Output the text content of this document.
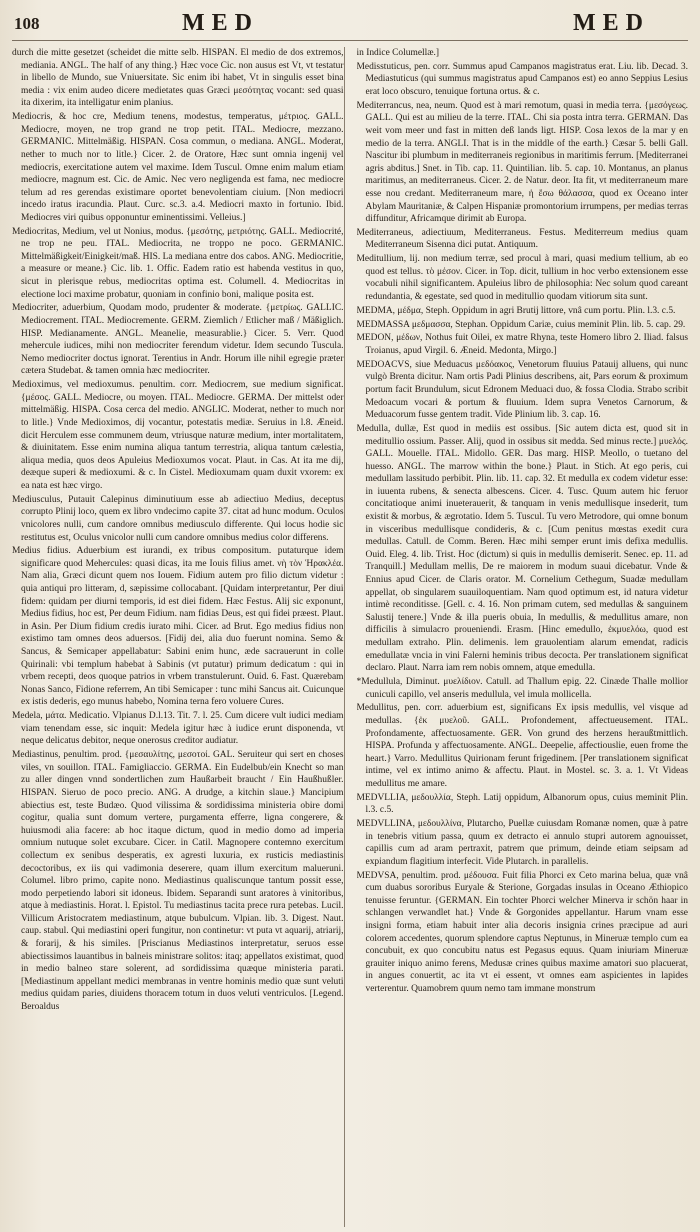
108	MED	MED

durch die mitte gesetzet (scheidet die mitte selb. HISPAN. El medio de dos extremos, mediania. ANGL. The half of any thing.} Hæc voce Cic. non ausus est Vt, vt testatur in libello de Mundo, sue Vniuersitate. Sic enim ibi habet, Vt in singulis esset bina media : vix enim audeo dicere medietates quas Græci μεσότητας vocant: sed quasi ita dixerim, ita intelligatur enim planius.

Mediocris, & hoc cre, Medium tenens, modestus, temperatus, μέτριος. GALL. Mediocre, moyen, ne trop grand ne trop petit. ITAL. Mediocre, mezzano. GERMANIC. Mittelmäßig. HISPAN. Cosa commun, o mediana. ANGL. Moderat, nether to much nor to litle.} Cicer. 2. de Oratore, Hæc sunt omnia ingenij vel mediocris, exercitatione autem vel maxime. Idem Tuscul. Omne enim malum etiam mediocre, magnum est. Cic. de Amic. Nec vero negligenda est fama, nec mediocre telum ad res gerendas existimare oportet benevolentiam ciuium. [Non mediocri incedo iratus iracundia. Plaut. Curc. sc.3. a.4. Mediocri maxto in fortunio. Ibid. Mediocres viri quibus opponuntur eminentissimi. Velleius.]

Mediocritas, Medium, vel ut Nonius, modus. {μεσότης, μετριότης. GALL. Mediocrité, ne trop ne peu. ITAL. Mediocrita, ne troppo ne poco. GERMANIC. Mittelmäßigkeit/Einigkeit/maß. HIS. La mediana entre dos cabos. ANG. Mediocritie, a measure or meane.} Cic. lib. 1. Offic. Eadem ratio est habenda vestitus in quo, sicut in plerisque rebus, mediocritas optima est. Columell. 4. Mediocritas in electione loci maxime probatur, quoniam in confinio boni, malique posita est.

Mediocriter, aduerbium, Quodam modo, prudenter & moderate. {μετρίως. GALLIC. Mediocrement. ITAL. Mediocremente. GERM. Ziemlich / Etlicher maß / Mäßiglich. HISP. Medianamente. ANGL. Meanelie, measurablie.} Cicer. 5. Verr. Quod mehercule iudices, mihi non mediocriter ferendum videtur. Idem secundo Tuscula. Nemo mediocriter doctus ignorat. Terentius in Andr. Horum ille nihil egregie præter cætera Studebat. & tamen omnia hæc mediocriter.

Medioximus, vel medioxumus. penultim. corr. Mediocrem, sue medium significat. {μέσος. GALL. Mediocre, ou moyen. ITAL. Mediocre. GERMA. Der mittelst oder mittelmäßig. HISPA. Cosa cerca del medio. ANGLIC. Moderat, nether to much nor to litle.} Vnde Medioximos, dij vocantur, potestatis mediæ. Seruius in l.8. Æneid. dicit Herculem esse communem deum, vtriusque naturæ medium, inter mortalitatem, & diuinitatem. Esse enim numina aliqua tantum terrestria, aliqua tantum cælestia, aliqua media, quos deos Apuleius Medioxumos vocat. Plaut. in Cas. At ita me dij, deæque superi & medioxumi. & c. In Cistel. Medioxumam quam duxit vxorem: ex ea nata est hæc virgo.

Mediusculus, Putauit Calepinus diminutiuum esse ab adiectiuo Medius, deceptus corrupto Plinij loco, quem ex libro vndecimo capite 37. citat ad hunc modum. Oculos vnicolores nulli, cum candore omnibus mediusculo differente. Qui locus hodie sic restitutus est, Oculus vnicolor nulli cum candore omnibus medius color differens.

Medius fidius. Aduerbium est iurandi, ex tribus compositum. putaturque idem significare quod Mehercules: quasi dicas, ita me Iouis filius amet. νὴ τὸν Ἡρακλέα. Nam alia, Græci dicunt quem nos Iouem. Fidium autem pro filio dictum videtur : quia antiqui pro litteram, d, sæpissime collocabant. [Quidam interpretantur, Per diui fidem: quidam per diurni temporis, id est diei fidem. Hæc Festus. Alij sic exponunt, Medius fidius, hoc est, Per deum Fidium. nam fidias Deus, est qui fidei præest. Plaut. in Asin. Per Dium fidium credis iurato mihi. Cicer. ad Brut. Ego medius fidius non existimo tam omnes deos aduersos. [Fidij dei, alia duo fuerunt nomina. Semo & Sancus, & Semicaper appellabatur: Sabini enim hunc, æde sacrauerunt in colle Quirinali: vbi templum habebat à Sabinis (vt putatur) primum dedicatum : qui in vrbem recepti, deos quoque patrios in vrbem transtulerunt. Ouid. 6. Fast. Quærebam Nonas Sanco, Fidione referrem, An tibi Semicaper : tunc mihi Sancus ait. Cuicunque ex istis dederis, ego munus habebo, Nomina terna fero voluere Cures.

Medela, μάτα. Medicatio. Vlpianus D.l.13. Tit. 7. l. 25. Cum dicere vult iudici mediam viam tenendam esse, sic inquit: Medela igitur hæc à iudice erunt disponenda, vt neque delicatus debitor, neque onerosus creditor audiatur.

Mediastinus, penultim. prod. {μεσαυλίτης, μεσοτοί. GAL. Seruiteur qui sert en choses viles, vn souillon. ITAL. Famigliaccio. GERMA. Ein Eudelbub/ein Knecht so man zu aller dingen vnnd sondertlichen zum Haußarbeit braucht / Ein Haußhußler. HISPAN. Sieruo de poco precio. ANG. A drudge, a kitchin slaue.} Mancipium abiectius est, teste Budæo. Quod vilissima & sordidissima ministeria obire domi cogitur, qualia sunt domum vertere, purgamenta efferre, ligna congerere, & huiusmodi alia facere: ab hoc itaque dictum, quod in medio domo ad imperia omnium nutuque solet excubare. Cicer. in Catil. Magnopere contemno exercitum collectum ex senibus desperatis, ex agresti luxuria, ex rusticis mediastinis decoctoribus, ex iis qui vadimonia deserere, quam illum exercitum malueruni. Columel. libro primo, capite nono. Mediastinus qualiscunque tantum possit esse, modo perpetiendo labori sit idoneus. Ibidem. Separandi sunt aratores à vinitoribus, atque à mediastinis. Horat. l. Epistol. Tu mediastinus tacita prece rura petebas. Lucil. Villicum Aristocratem mediastinum, atque bubulcum. Vlpian. lib. 3. Digest. Naut. caup. stabul. Qui mediastini operi fungitur, non continetur: vt puta vt aquarij, atriarij, & forarij, & his similes. [Priscianus Mediastinos interpretatur, seruos esse abiectissimos lauantibus in balneis ministrare solitos: itaq; appellatos existimat, quod in medio balneo stare solerent, ad sordidissima quæque ministeria parati. [Mediastinum appellant medici membranas in ventre hominis medio quæ sunt veluti medius quidam paries, diuidens thoracem totum in duos veluti ventriculos. [Legend. Beroaldus

in Indice Columellæ.]

Medisstuticus, pen. corr. Summus apud Campanos magistratus erat. Liu. lib. Decad. 3. Mediastuticus (qui summus magistratus apud Campanos est) eo anno Seppius Lesius erat loco obscuro, tenuique fortuna ortus. & c.

Mediterrancus, nea, neum. Quod est à mari remotum, quasi in media terra. {μεσόγεως. GALL. Qui est au milieu de la terre. ITAL. Chi sia posta intra terra. GERMAN. Das weit vom meer und fast in mitten deß lands ligt. HISP. Cosa lexos de la mar y en medio de la terra. ANGLI. That is in the middle of the earth.} Cæsar 5. belli Gall. Nascitur ibi plumbum in mediterraneis regionibus in maritimis ferrum. [Mediterranei agris abditus.] Snet. in Tib. cap. 11. Quintilian. lib. 5. cap. 10. Montanus, an planus maritimus, an mediterraneus. Cicer. 2. de Natur. deor. Ita fit, vt mediterraneum mare esse nou credant. Mediterraneum mare, ἡ ἔσω θάλασσα, quod ex Oceano inter Abylam Mauritaniæ, & Calpen Hispaniæ promontorium irrumpens, per medias terras diffunditur, Africamque dirimit ab Europa.

Mediterraneus, adiectiuum, Mediterraneus. Festus. Mediterreum medius quam Mediterraneum Sisenna dici putat. Antiquum.

Meditullium, lij. non medium terræ, sed procul à mari, quasi medium tellium, ab eo quod est tellus. τὸ μέσον. Cicer. in Top. dicit, tullium in hoc verbo extensionem esse vocabuli nihil significantem. Apuleius libro de philosophia: Nec solum quod careant redundantia, & egestate, sed quod in meditullio quodam vitiorum sita sunt.

MEDMA, μέδμα, Steph. Oppidum in agri Brutij littore, vnâ cum portu. Plin. l.3. c.5.

MEDMASSA μεδμασσα, Stephan. Oppidum Cariæ, cuius meminit Plin. lib. 5. cap. 29.

MEDON, μέδων, Nothus fuit Oilei, ex matre Rhyna, teste Homero libro 2. Iliad. falsus Troianus, apud Virgil. 6. Æneid. Medonta, Mirgo.]

MEDOACVS, siue Meduacus μεδόακος, Venetorum fluuius Patauij alluens, qui nunc vulgò Brenta dicitur. Nam ortis Padi Plinius describens, ait, Pars eorum & proximum portum facit Brundulum, sicut Edronem Meduaci duo, & fossa Clodia. Strabo scribit Medoacum vocari & portum & fluuium. Idem supra Venetos Carnorum, & Meduacorum fusse gentem tradit. Vide Plinium lib. 3. cap. 16.

Medulla, dullæ, Est quod in mediis est ossibus. [Sic autem dicta est, quod sit in meditullio ossium. Passer. Alij, quod in ossibus sit medda. Sed minus recte.] μυελός. GALL. Mouelle. ITAL. Midollo. GER. Das marg. HISP. Meollo, o tuetano del huesso. ANGL. The marrow within the bone.} Plaut. in Stich. At ego peris, cui medullam lassitudo perbibit. Plin. lib. 11. cap. 32. Et medulla ex codem videtur esse: in iuuenta rubens, & senecta albescens. Cicer. 4. Tusc. Quum autem hic feruor concitatioque animi inueterauerit, & tanquam in venis medullisque insederit, tum existit & morbus, & ægrotatio. Idem 5. Tuscul. Tu vero Metrodore, qui omne bonum in visceribus medullisque condideris, & c. [Cum penitus mœstas exedit cura medullas. Catull. de Comm. Beren. Hæc mihi semper erunt imis defixa medullis. Ouid. Eleg. 4. lib. Trist. Hoc (dictum) si quis in medullis demiserit. Senec. ep. 11. ad Tranquill.] Medullam mellis, De re maiorem in modum suaui dicebatur. Vnde & Ennius apud Cicer. de Claris orator. M. Cornelium Cethegum, Suadæ medullam appellat, ob singularem suauiloquentiam. Nam quod optimum est, id natura videtur intimè reconditisse. [Gell. c. 4. 16. Non primam cutem, sed medullas & sanguinem Salustij tenere.] Vnde & illa pueris obuia, In medullis, & medullitus amare, non difficilis à simulacro proueniendi. Erasm. [Hinc emedullo, ἐκμυελόω, quod est medullam extraho. Plin. delimenis. lem grauolentiam alarum emendat, radicis emedullatæ vncia in vini Falerni heminis tribus decocta. Per translationem significat declaro. Plaut. Narra iam rem nobis omnem, atque emedulla.

*Medullula, Diminut. μυελίδιον. Catull. ad Thallum epig. 22. Cinæde Thalle mollior cuniculi capillo, vel anseris medullula, vel imula mollicella.

Medullitus, pen. corr. aduerbium est, significans Ex ipsis medullis, vel visque ad medullas. {ἐκ μυελοῦ. GALL. Profondement, affectueusement. ITAL. Profondamente, affectuosamente. GER. Von grund des herzens heraußtmittlich. HISPA. Profunda y affectuosamente. ANGL. Deepelie, affectiouslie, euen frome the heart.} Varro. Medullitus Quirionam ferunt frigedinem. [Per translationem significat intime, vel ex intimo animo & affectu. Plaut. in Mostel. sc. 3. a. 1. Vt Videas medullitus me amare.

MEDVLLIA, μεδουλλία, Steph. Latij oppidum, Albanorum opus, cuius meminit Plin. l.3. c.5.

MEDVLLINA, μεδουλλίνα, Plutarcho, Puellæ cuiusdam Romanæ nomen, quæ à patre in tenebris vitium passa, quum ex detracto ei annulo stupri autorem agnouisset, capillis cum ad aram pertraxit, patrem que primum, deinde etiam seipsam ad expiandum flagitium interfecit. Vide Plutarch. in parallelis.

MEDVSA, penultim. prod. μέδουσα. Fuit filia Phorci ex Ceto marina belua, quæ vnâ cum duabus sororibus Euryale & Sterione, Gorgadas insulas in Oceano Æthiopico tenuisse feruntur. {GERMAN. Ein tochter Phorci welcher Minerva ir schön haar in schlangen verwandlet hat.} Vnde & Gorgonides appellantur. Harum vnam esse insigni forma, etiam habuit inter alia decoris insignia crines præcipue ad auri colorem accedentes, quorum splendore captus Neptunus, in Mineruæ templo cum ea concubuit, ex quo concubitu natus est Pegasus equus. Quam iniuriam Mineruæ grauiter iniquo animo ferens, Medusæ crines quibus maxime amatori suo placuerat, in angues conuertit, ac ita vt ei essent, vt omnes eam aspicientes in lapides verterentur. Quamobrem quum nemo tam immane monstrum
